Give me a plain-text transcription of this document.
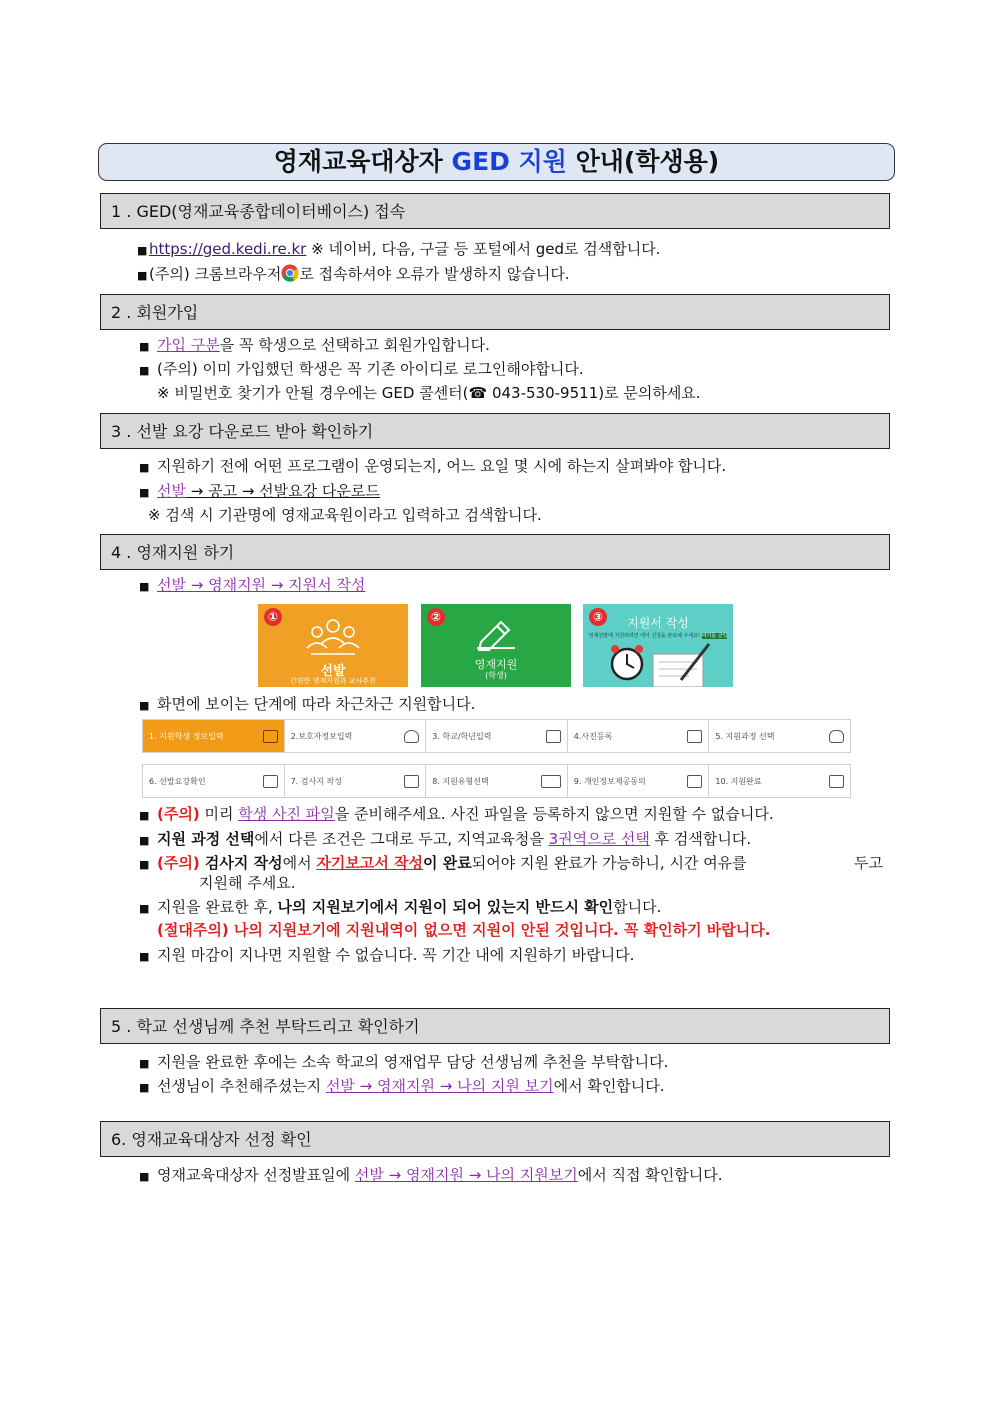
영재교육대상자 GED 지원 안내(학생용)
1 . GED(영재교육종합데이터베이스) 접속
■ https://ged.kedi.re.kr ※ 네이버, 다음, 구글 등 포털에서 ged로 검색합니다.
■ (주의) 크롬브라우저 로 접속하셔야 오류가 발생하지 않습니다.
2 . 회원가입
■ 가입 구분을 꼭 학생으로 선택하고 회원가입합니다.
■ (주의) 이미 가입했던 학생은 꼭 기존 아이디로 로그인해야합니다.
※ 비밀번호 찾기가 안될 경우에는 GED 콜센터(☎ 043-530-9511)로 문의하세요.
3 . 선발 요강 다운로드 받아 확인하기
■ 지원하기 전에 어떤 프로그램이 운영되는지, 어느 요일 몇 시에 하는지 살펴봐야 합니다.
■ 선발 → 공고 → 선발요강 다운로드
※ 검색 시 기관명에 영재교육원이라고 입력하고 검색합니다.
4 . 영재지원 하기
■ 선발 → 영재지원 → 지원서 작성
①
선발
간편한 영재지원과 교사추천
②
영재지원
(학생)
③	지원서 작성
영재선발에 지원하려면 에서 신청을 완료해 주세요! 여기를 클릭
■ 화면에 보이는 단계에 따라 차근차근 지원합니다.
1. 지원학생 정보입력	2.보호자정보입력	3. 학교/학년입력	4.사진등록	5. 지원과정 선택
6. 선발요강확인	7. 검사지 작성	8. 지원유형선택	9. 개인정보제공동의	10. 지원완료
■ (주의) 미리 학생 사진 파일을 준비해주세요. 사진 파일을 등록하지 않으면 지원할 수 없습니다.
■ 지원 과정 선택에서 다른 조건은 그대로 두고, 지역교육청을 3권역으로 선택 후 검색합니다.
■ (주의) 검사지 작성에서 자기보고서 작성이 완료되어야 지원 완료가 가능하니, 시간 여유를	두고
지원해 주세요.
■ 지원을 완료한 후, 나의 지원보기에서 지원이 되어 있는지 반드시 확인합니다.
(절대주의) 나의 지원보기에 지원내역이 없으면 지원이 안된 것입니다. 꼭 확인하기 바랍니다.
■ 지원 마감이 지나면 지원할 수 없습니다. 꼭 기간 내에 지원하기 바랍니다.
5 . 학교 선생님께 추천 부탁드리고 확인하기
■ 지원을 완료한 후에는 소속 학교의 영재업무 담당 선생님께 추천을 부탁합니다.
■ 선생님이 추천해주셨는지 선발 → 영재지원 → 나의 지원 보기에서 확인합니다.
6. 영재교육대상자 선정 확인
■ 영재교육대상자 선정발표일에 선발 → 영재지원 → 나의 지원보기에서 직접 확인합니다.
